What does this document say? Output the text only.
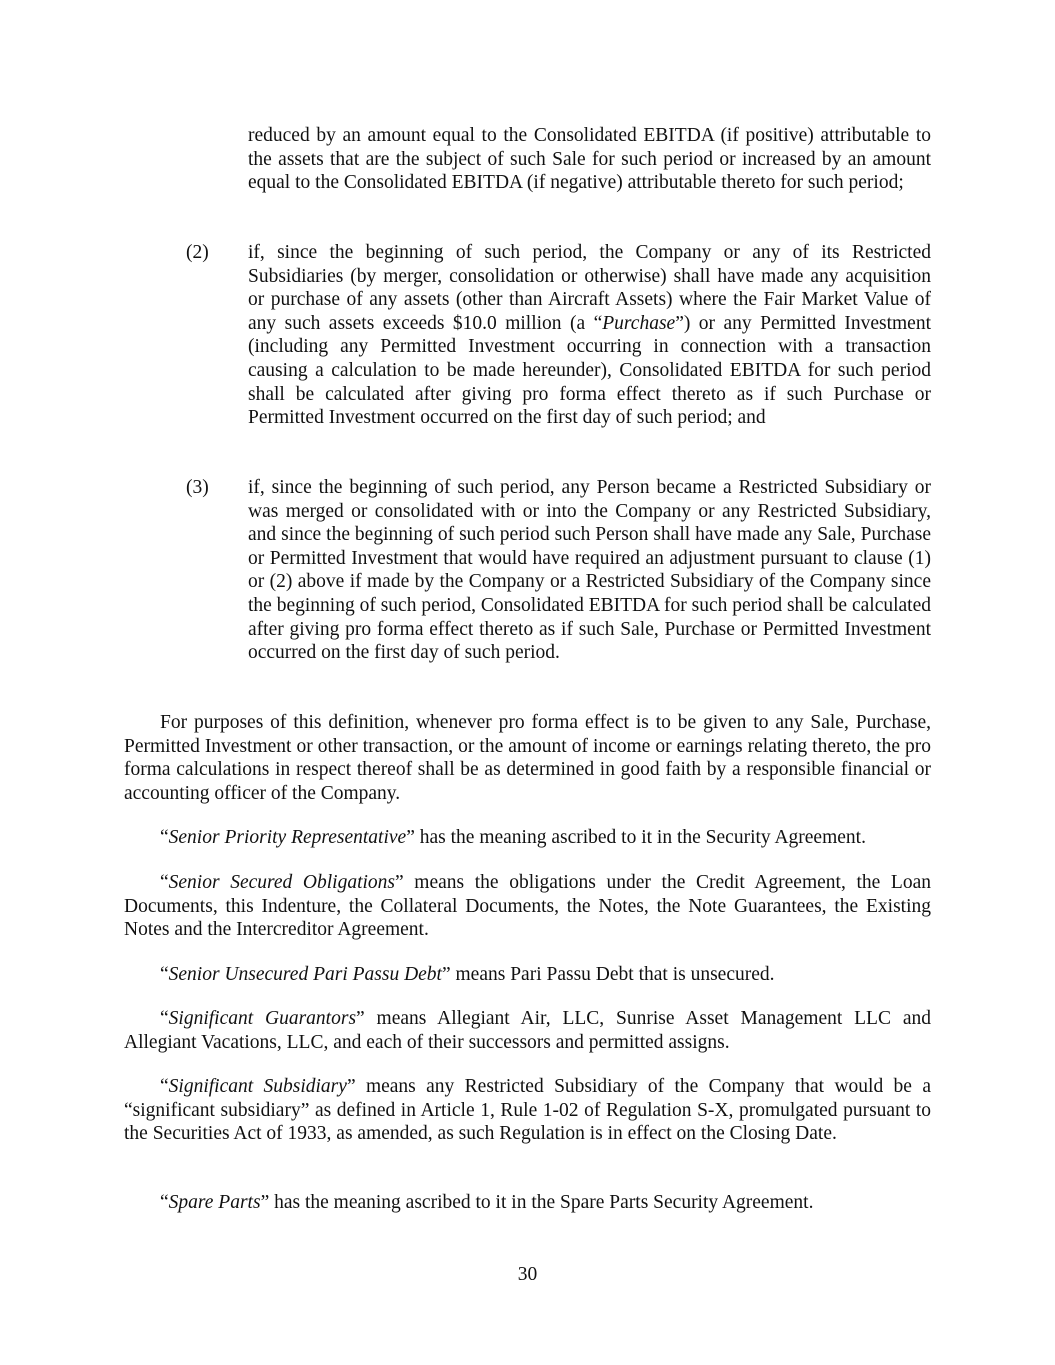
reduced by an amount equal to the Consolidated EBITDA (if positive) attributable to the assets that are the subject of such Sale for such period or increased by an amount equal to the Consolidated EBITDA (if negative) attributable thereto for such period;

(2) if, since the beginning of such period, the Company or any of its Restricted Subsidiaries (by merger, consolidation or otherwise) shall have made any acquisition or purchase of any assets (other than Aircraft Assets) where the Fair Market Value of any such assets exceeds $10.0 million (a “Purchase”) or any Permitted Investment (including any Permitted Investment occurring in connection with a transaction causing a calculation to be made hereunder), Consolidated EBITDA for such period shall be calculated after giving pro forma effect thereto as if such Purchase or Permitted Investment occurred on the first day of such period; and

(3) if, since the beginning of such period, any Person became a Restricted Subsidiary or was merged or consolidated with or into the Company or any Restricted Subsidiary, and since the beginning of such period such Person shall have made any Sale, Purchase or Permitted Investment that would have required an adjustment pursuant to clause (1) or (2) above if made by the Company or a Restricted Subsidiary of the Company since the beginning of such period, Consolidated EBITDA for such period shall be calculated after giving pro forma effect thereto as if such Sale, Purchase or Permitted Investment occurred on the first day of such period.

For purposes of this definition, whenever pro forma effect is to be given to any Sale, Purchase, Permitted Investment or other transaction, or the amount of income or earnings relating thereto, the pro forma calculations in respect thereof shall be as determined in good faith by a responsible financial or accounting officer of the Company.

“Senior Priority Representative” has the meaning ascribed to it in the Security Agreement.

“Senior Secured Obligations” means the obligations under the Credit Agreement, the Loan Documents, this Indenture, the Collateral Documents, the Notes, the Note Guarantees, the Existing Notes and the Intercreditor Agreement.

“Senior Unsecured Pari Passu Debt” means Pari Passu Debt that is unsecured.

“Significant Guarantors” means Allegiant Air, LLC, Sunrise Asset Management LLC and Allegiant Vacations, LLC, and each of their successors and permitted assigns.

“Significant Subsidiary” means any Restricted Subsidiary of the Company that would be a “significant subsidiary” as defined in Article 1, Rule 1-02 of Regulation S-X, promulgated pursuant to the Securities Act of 1933, as amended, as such Regulation is in effect on the Closing Date.

“Spare Parts” has the meaning ascribed to it in the Spare Parts Security Agreement.

30
